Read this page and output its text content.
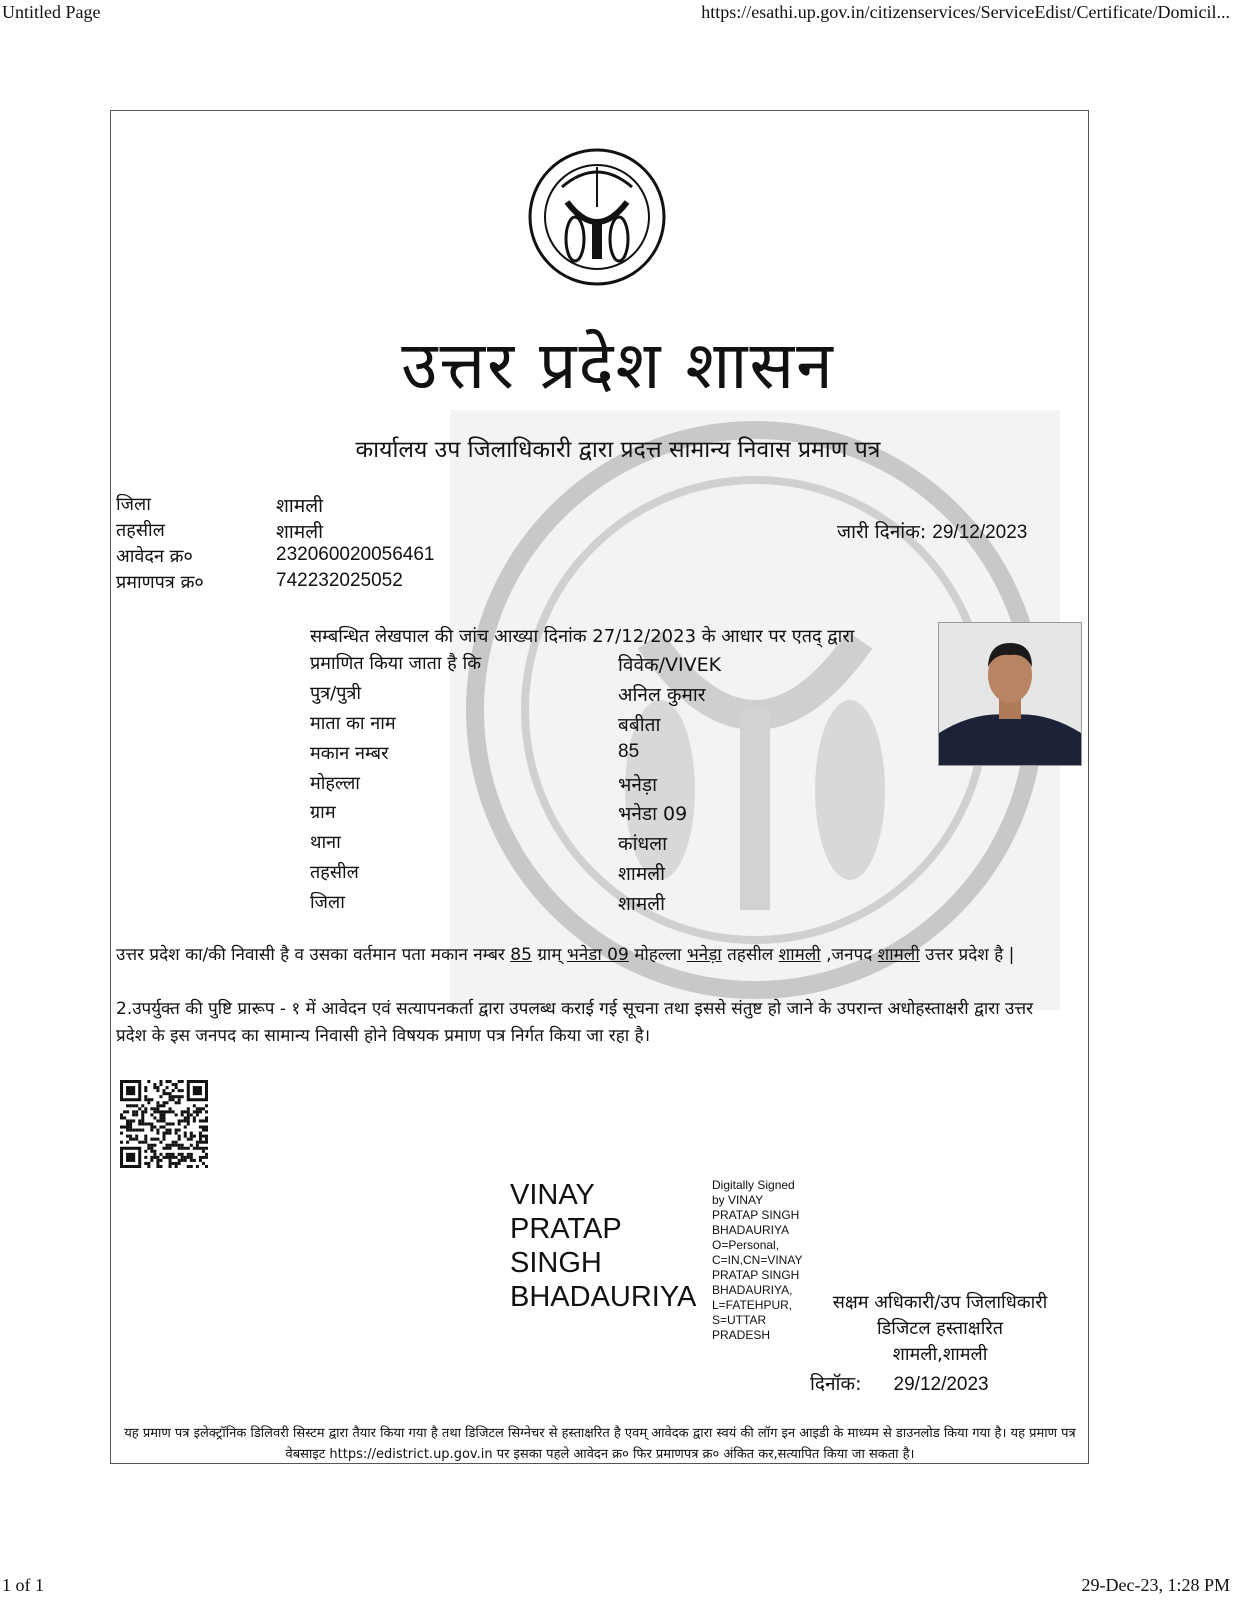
Untitled Page	https://esathi.up.gov.in/citizenservices/ServiceEdist/Certificate/Domicil...
उत्तर प्रदेश शासन
कार्यालय उप जिलाधिकारी द्वारा प्रदत्त सामान्य निवास प्रमाण पत्र
जिला	शामली
तहसील	शामली
आवेदन क्र०	232060020056461
प्रमाणपत्र क्र०	742232025052
जारी दिनांक: 29/12/2023
सम्बन्धित लेखपाल की जांच आख्या दिनांक 27/12/2023 के आधार पर एतद् द्वारा
प्रमाणित किया जाता है कि	विवेक/VIVEK
पुत्र/पुत्री	अनिल कुमार
माता का नाम	बबीता
मकान नम्बर	85
मोहल्ला	भनेड़ा
ग्राम	भनेडा 09
थाना	कांधला
तहसील	शामली
जिला	शामली
उत्तर प्रदेश का/की निवासी है व उसका वर्तमान पता मकान नम्बर 85 ग्राम् भनेडा 09 मोहल्ला भनेड़ा तहसील शामली ,जनपद शामली उत्तर प्रदेश है |
2.उपर्युक्त की पुष्टि प्रारूप - १ में आवेदन एवं सत्यापनकर्ता द्वारा उपलब्ध कराई गई सूचना तथा इससे संतुष्ट हो जाने के उपरान्त अधोहस्ताक्षरी द्वारा उत्तर प्रदेश के इस जनपद का सामान्य निवासी होने विषयक प्रमाण पत्र निर्गत किया जा रहा है।
VINAY
PRATAP
SINGH
BHADAURIYA
Digitally Signed
by VINAY
PRATAP SINGH
BHADAURIYA
O=Personal,
C=IN,CN=VINAY
PRATAP SINGH
BHADAURIYA,
L=FATEHPUR,
S=UTTAR
PRADESH
सक्षम अधिकारी/उप जिलाधिकारी
डिजिटल हस्ताक्षरित
शामली,शामली
दिनॉक: 29/12/2023
यह प्रमाण पत्र इलेक्ट्रॉनिक डिलिवरी सिस्टम द्वारा तैयार किया गया है तथा डिजिटल सिग्नेचर से हस्ताक्षरित है एवम् आवेदक द्वारा स्वयं की लॉग इन आइडी के माध्यम से डाउनलोड किया गया है। यह प्रमाण पत्र वेबसाइट https://edistrict.up.gov.in पर इसका पहले आवेदन क्र० फिर प्रमाणपत्र क्र० अंकित कर,सत्यापित किया जा सकता है।
1 of 1	29-Dec-23, 1:28 PM
